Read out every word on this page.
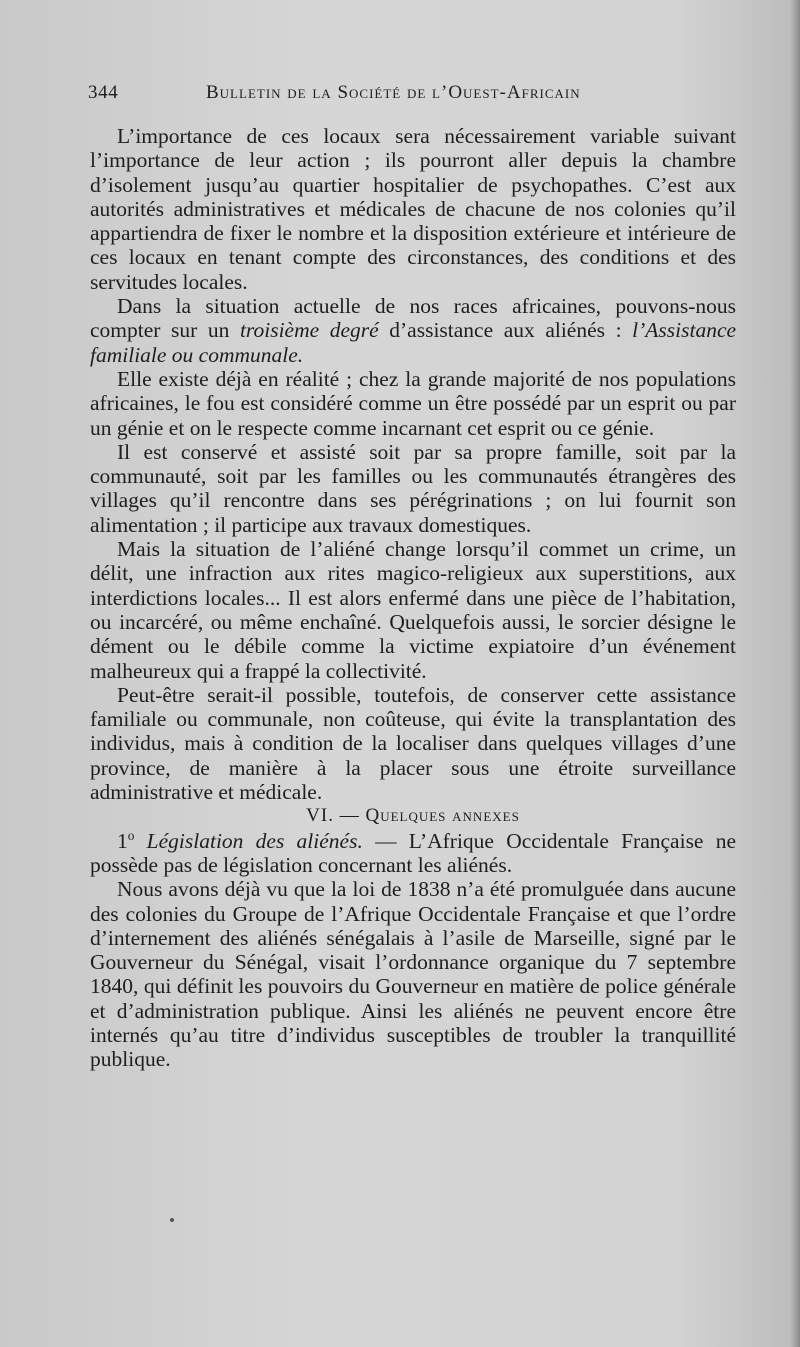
344	Bulletin de la Société de l’Ouest-Africain

L’importance de ces locaux sera nécessairement variable suivant l’importance de leur action ; ils pourront aller depuis la chambre d’isolement jusqu’au quartier hospitalier de psychopathes. C’est aux autorités administratives et médicales de chacune de nos colonies qu’il appartiendra de fixer le nombre et la disposition extérieure et intérieure de ces locaux en tenant compte des circonstances, des conditions et des servitudes locales.

Dans la situation actuelle de nos races africaines, pouvons-nous compter sur un troisième degré d’assistance aux aliénés : l’Assistance familiale ou communale.

Elle existe déjà en réalité ; chez la grande majorité de nos populations africaines, le fou est considéré comme un être possédé par un esprit ou par un génie et on le respecte comme incarnant cet esprit ou ce génie.

Il est conservé et assisté soit par sa propre famille, soit par la communauté, soit par les familles ou les communautés étrangères des villages qu’il rencontre dans ses pérégrinations ; on lui fournit son alimentation ; il participe aux travaux domestiques.

Mais la situation de l’aliéné change lorsqu’il commet un crime, un délit, une infraction aux rites magico-religieux aux superstitions, aux interdictions locales... Il est alors enfermé dans une pièce de l’habitation, ou incarcéré, ou même enchaîné. Quelquefois aussi, le sorcier désigne le dément ou le débile comme la victime expiatoire d’un événement malheureux qui a frappé la collectivité.

Peut-être serait-il possible, toutefois, de conserver cette assistance familiale ou communale, non coûteuse, qui évite la transplantation des individus, mais à condition de la localiser dans quelques villages d’une province, de manière à la placer sous une étroite surveillance administrative et médicale.

VI. — Quelques annexes

1$^o$ Législation des aliénés. — L’Afrique Occidentale Française ne possède pas de législation concernant les aliénés.

Nous avons déjà vu que la loi de 1838 n’a été promulguée dans aucune des colonies du Groupe de l’Afrique Occidentale Française et que l’ordre d’internement des aliénés sénégalais à l’asile de Marseille, signé par le Gouverneur du Sénégal, visait l’ordonnance organique du 7 septembre 1840, qui définit les pouvoirs du Gouverneur en matière de police générale et d’administration publique. Ainsi les aliénés ne peuvent encore être internés qu’au titre d’individus susceptibles de troubler la tranquillité publique.
